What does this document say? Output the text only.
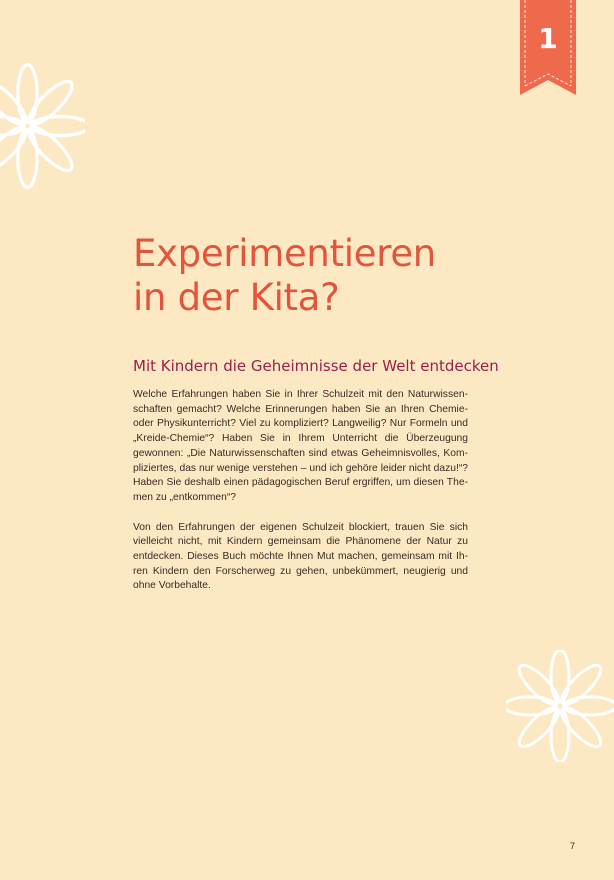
1
Experimentieren
in der Kita?
Mit Kindern die Geheimnisse der Welt entdecken

Welche Erfahrungen haben Sie in Ihrer Schulzeit mit den Naturwissenschaften gemacht? Welche Erinnerungen haben Sie an Ihren Chemie- oder Physikunterricht? Viel zu kompliziert? Langweilig? Nur Formeln und „Kreide-Chemie“? Haben Sie in Ihrem Unterricht die Überzeugung gewonnen: „Die Naturwissenschaften sind etwas Geheimnisvolles, Kompliziertes, das nur wenige verstehen – und ich gehöre leider nicht dazu!“? Haben Sie deshalb einen pädagogischen Beruf ergriffen, um diesen Themen zu „entkommen“?

Von den Erfahrungen der eigenen Schulzeit blockiert, trauen Sie sich vielleicht nicht, mit Kindern gemeinsam die Phänomene der Natur zu entdecken. Dieses Buch möchte Ihnen Mut machen, gemeinsam mit Ihren Kindern den Forscherweg zu gehen, unbekümmert, neugierig und ohne Vorbehalte.

7
